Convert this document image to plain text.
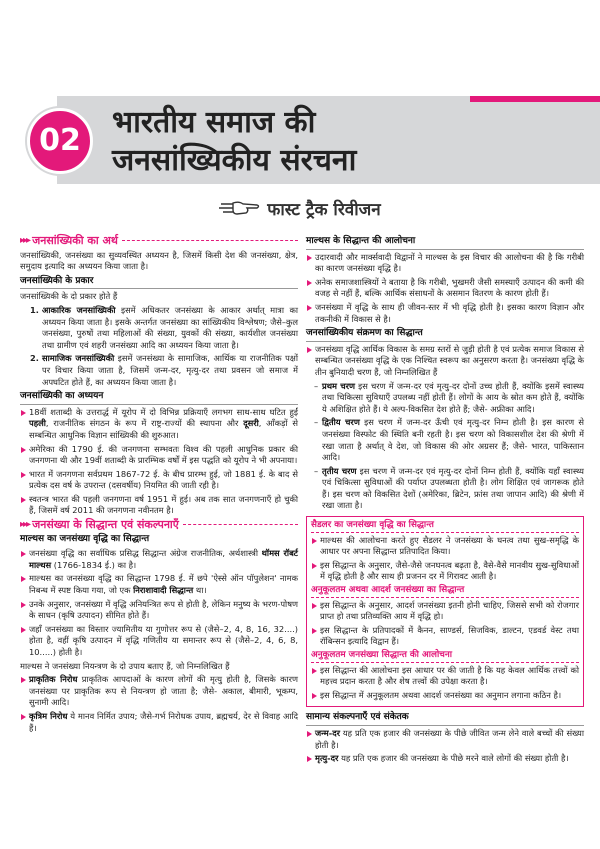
02
भारतीय समाज की
जनसांख्यिकीय संरचना
फास्ट ट्रैक रिवीजन
▸▸▸ जनसांख्यिकी का अर्थ

जनसांख्यिकी, जनसंख्या का सुव्यवस्थित अध्ययन है, जिसमें किसी देश की जनसंख्या, क्षेत्र, समुदाय इत्यादि का अध्ययन किया जाता है।

जनसांख्यिकी के प्रकार

जनसांख्यिकी के दो प्रकार होते हैं

1. आकारिक जनसांख्यिकी इसमें अधिकतर जनसंख्या के आकार अर्थात् मात्रा का अध्ययन किया जाता है। इसके अन्तर्गत जनसंख्या का सांख्यिकीय विश्लेषण; जैसे–कुल जनसंख्या, पुरुषों तथा महिलाओं की संख्या, युवकों की संख्या, कार्यशील जनसंख्या तथा ग्रामीण एवं शहरी जनसंख्या आदि का अध्ययन किया जाता है।
2. सामाजिक जनसांख्यिकी इसमें जनसंख्या के सामाजिक, आर्थिक या राजनीतिक पक्षों पर विचार किया जाता है, जिसमें जन्म-दर, मृत्यु-दर तथा प्रवसन जो समाज में अपघटित होते हैं, का अध्ययन किया जाता है।
जनसांख्यिकी का अध्ययन
18वीं शताब्दी के उत्तरार्द्ध में यूरोप में दो विभिन्न प्रक्रियाएँ लगभग साथ-साथ घटित हुईं पहली, राजनीतिक संगठन के रूप में राष्ट्र-राज्यों की स्थापना और दूसरी, आँकड़ों से सम्बन्धित आधुनिक विज्ञान सांख्यिकी की शुरुआत।
अमेरिका की 1790 ई. की जनगणना सम्भवतः विश्व की पहली आधुनिक प्रकार की जनगणना थी और 19वीं शताब्दी के प्रारम्भिक वर्षों में इस पद्धति को यूरोप ने भी अपनाया।
भारत में जनगणना सर्वप्रथम 1867-72 ई. के बीच प्रारम्भ हुई, जो 1881 ई. के बाद से प्रत्येक दस वर्ष के उपरान्त (दसवर्षीय) नियमित की जाती रही है।
स्वतन्त्र भारत की पहली जनगणना वर्ष 1951 में हुई। अब तक सात जनगणनाएँ हो चुकी हैं, जिसमें वर्ष 2011 की जनगणना नवीनतम है।
▸▸▸ जनसंख्या के सिद्धान्त एवं संकल्पनाएँ
माल्थस का जनसंख्या वृद्धि का सिद्धान्त
जनसंख्या वृद्धि का सर्वाधिक प्रसिद्ध सिद्धान्त अंग्रेज राजनीतिक, अर्थशास्त्री थॉमस रॉबर्ट माल्थस (1766-1834 ई.) का है।
माल्थस का जनसंख्या वृद्धि का सिद्धान्त 1798 ई. में छपे 'ऐस्से ऑन पॉपुलेशन' नामक निबन्ध में स्पष्ट किया गया, जो एक निराशावादी सिद्धान्त था।
उनके अनुसार, जनसंख्या में वृद्धि अनियन्त्रित रूप से होती है, लेकिन मनुष्य के भरण-पोषण के साधन (कृषि उत्पादन) सीमित होते हैं।
जहाँ जनसंख्या का विस्तार ज्यामितीय या गुणोत्तर रूप से (जैसे–2, 4, 8, 16, 32....) होता है, वहीं कृषि उत्पादन में वृद्धि गणितीय या समान्तर रूप से (जैसे–2, 4, 6, 8, 10.....) होती है।

माल्थस ने जनसंख्या नियन्त्रण के दो उपाय बताए हैं, जो निम्नलिखित हैं

प्राकृतिक निरोध प्राकृतिक आपदाओं के कारण लोगों की मृत्यु होती है, जिसके कारण जनसंख्या पर प्राकृतिक रूप से नियन्त्रण हो जाता है; जैसे- अकाल, बीमारी, भूकम्प, सुनामी आदि।
कृत्रिम निरोध ये मानव निर्मित उपाय; जैसे-गर्भ निरोधक उपाय, ब्रह्मचर्य, देर से विवाह आदि हैं।
माल्थस के सिद्धान्त की आलोचना
उदारवादी और मार्क्सवादी विद्वानों ने माल्थस के इस विचार की आलोचना की है कि गरीबी का कारण जनसंख्या वृद्धि है।
अनेक समाजशास्त्रियों ने बताया है कि गरीबी, भुखमरी जैसी समस्याएँ उत्पादन की कमी की वजह से नहीं हैं, बल्कि आर्थिक संसाधनों के असमान वितरण के कारण होती हैं।
जनसंख्या में वृद्धि के साथ ही जीवन-स्तर में भी वृद्धि होती है। इसका कारण विज्ञान और तकनीकी में विकास से है।
जनसांख्यिकीय संक्रमण का सिद्धान्त
जनसंख्या वृद्धि आर्थिक विकास के समग्र स्तरों से जुड़ी होती है एवं प्रत्येक समाज विकास से सम्बन्धित जनसंख्या वृद्धि के एक निश्चित स्वरूप का अनुसरण करता है। जनसंख्या वृद्धि के तीन बुनियादी चरण हैं, जो निम्नलिखित हैं
– प्रथम चरण इस चरण में जन्म-दर एवं मृत्यु-दर दोनों उच्च होती हैं, क्योंकि इसमें स्वास्थ्य तथा चिकित्सा सुविधाएँ उपलब्ध नहीं होती हैं। लोगों के आय के स्रोत कम होते हैं, क्योंकि ये अशिक्षित होते हैं। ये अल्प-विकसित देश होते हैं; जैसे- अफ्रीका आदि।
– द्वितीय चरण इस चरण में जन्म-दर ऊँची एवं मृत्यु-दर निम्न होती है। इस कारण से जनसंख्या विस्फोट की स्थिति बनी रहती है। इस चरण को विकासशील देश की श्रेणी में रखा जाता है अर्थात् वे देश, जो विकास की ओर अग्रसर हैं; जैसे- भारत, पाकिस्तान आदि।
– तृतीय चरण इस चरण में जन्म-दर एवं मृत्यु-दर दोनों निम्न होती हैं, क्योंकि यहाँ स्वास्थ्य एवं चिकित्सा सुविधाओं की पर्याप्त उपलब्धता होती है। लोग शिक्षित एवं जागरूक होते हैं। इस चरण को विकसित देशों (अमेरिका, ब्रिटेन, फ्रांस तथा जापान आदि) की श्रेणी में रखा जाता है।
सैडलर का जनसंख्या वृद्धि का सिद्धान्त
माल्थस की आलोचना करते हुए सैडलर ने जनसंख्या के घनत्व तथा सुख-समृद्धि के आधार पर अपना सिद्धान्त प्रतिपादित किया।
इस सिद्धान्त के अनुसार, जैसे-जैसे जनघनत्व बढ़ता है, वैसे-वैसे मानवीय सुख-सुविधाओं में वृद्धि होती है और साथ ही प्रजनन दर में गिरावट आती है।
अनुकूलतम अथवा आदर्श जनसंख्या का सिद्धान्त
इस सिद्धान्त के अनुसार, आदर्श जनसंख्या इतनी होनी चाहिए, जिससे सभी को रोजगार प्राप्त हो तथा प्रतिव्यक्ति आय में वृद्धि हो।
इस सिद्धान्त के प्रतिपादकों में कैनन, साण्डर्स, सिजविक, डाल्टन, एडवर्ड वेस्ट तथा रॉबिन्सन इत्यादि विद्वान हैं।
अनुकूलतम जनसंख्या सिद्धान्त की आलोचना
इस सिद्धान्त की आलोचना इस आधार पर की जाती है कि यह केवल आर्थिक तत्त्वों को महत्त्व प्रदान करता है और शेष तत्त्वों की उपेक्षा करता है।
इस सिद्धान्त में अनुकूलतम अथवा आदर्श जनसंख्या का अनुमान लगाना कठिन है।
सामान्य संकल्पनाएँ एवं संकेतक
जन्म-दर यह प्रति एक हजार की जनसंख्या के पीछे जीवित जन्म लेने वाले बच्चों की संख्या होती है।
मृत्यु-दर यह प्रति एक हजार की जनसंख्या के पीछे मरने वाले लोगों की संख्या होती है।
